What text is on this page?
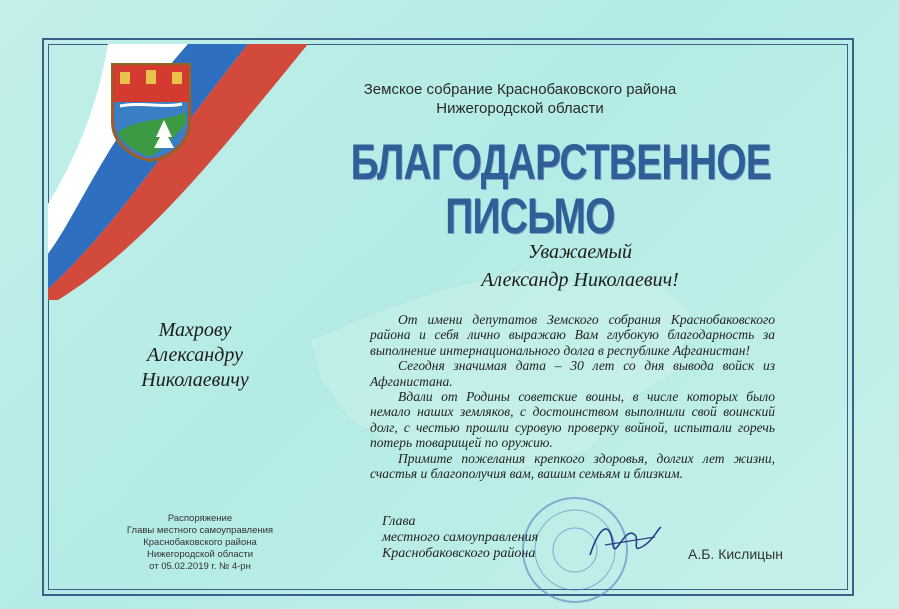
Земское собрание Краснобаковского района
Нижегородской области
БЛАГОДАРСТВЕННОЕ
ПИСЬМО
Уважаемый
Александр Николаевич!
Махрову
Александру
Николаевичу

От имени депутатов Земского собрания Краснобаковского района и себя лично выражаю Вам глубокую благодарность за выполнение интернационального долга в республике Афганистан!

Сегодня значимая дата – 30 лет со дня вывода войск из Афганистана.

Вдали от Родины советские воины, в числе которых было немало наших земляков, с достоинством выполнили свой воинский долг, с честью прошли суровую проверку войной, испытали горечь потерь товарищей по оружию.

Примите пожелания крепкого здоровья, долгих лет жизни, счастья и благополучия вам, вашим семьям и близким.

Распоряжение
Главы местного самоуправления
Краснобаковского района
Нижегородской области
от 05.02.2019 г. № 4-рн
Глава
местного самоуправления
Краснобаковского района	А.Б. Кислицын
